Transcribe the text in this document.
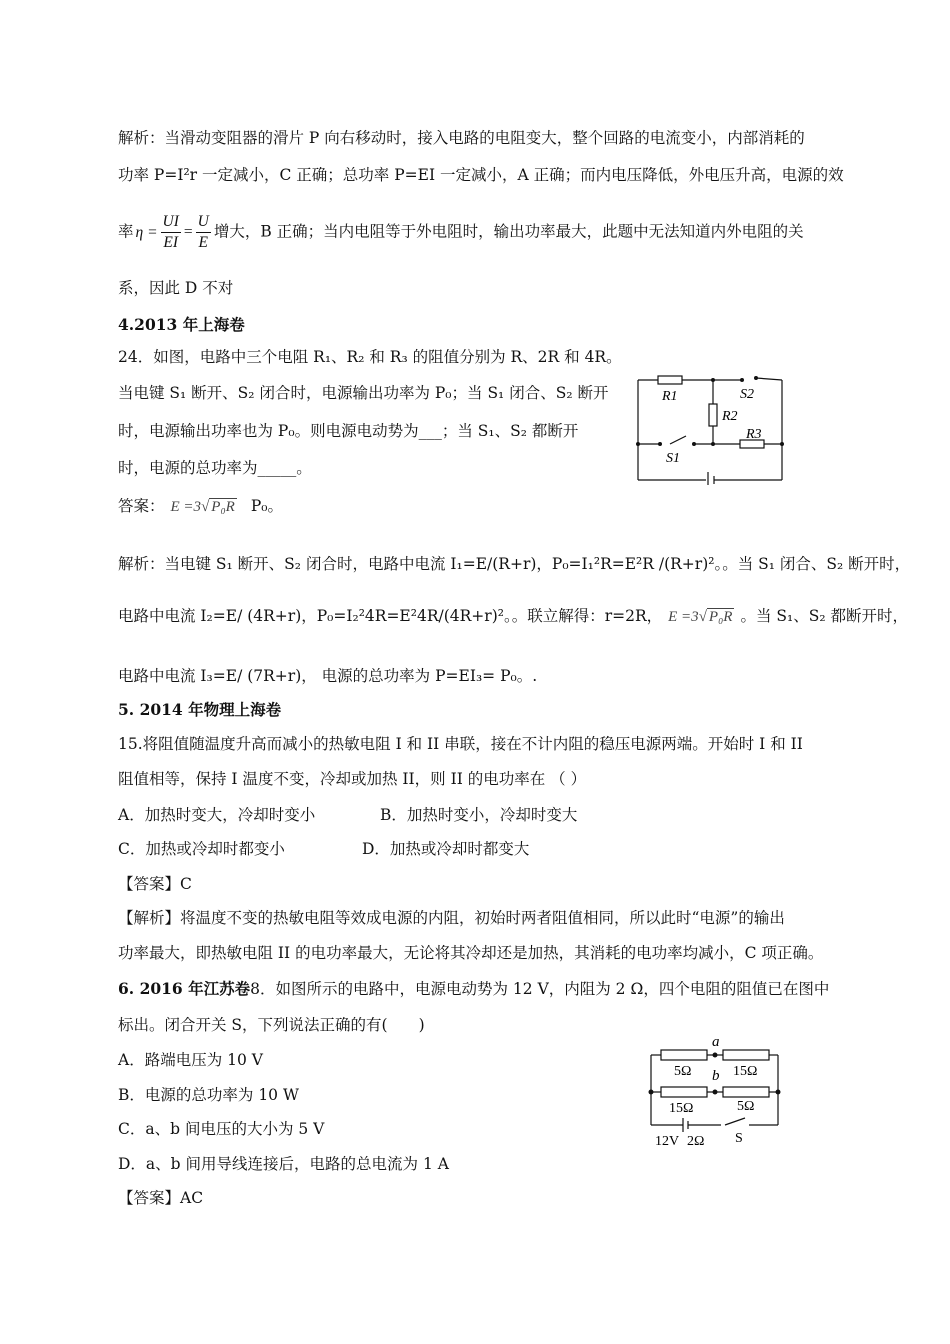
解析：当滑动变阻器的滑片 P 向右移动时，接入电路的电阻变大，整个回路的电流变小，内部消耗的
功率 P=I²r 一定减小，C 正确；总功率 P=EI 一定减小，A 正确；而内电压降低，外电压升高，电源的效
率 $\eta = \frac{UI}{EI} = \frac{U}{E}$ 增大，B 正确；当内电阻等于外电阻时，输出功率最大，此题中无法知道内外电阻的关
系，因此 D 不对
4.2013 年上海卷
24．如图，电路中三个电阻 R₁、R₂ 和 R₃ 的阻值分别为 R、2R 和 4R。
当电键 S₁ 断开、S₂ 闭合时，电源输出功率为 P₀；当 S₁ 闭合、S₂ 断开
时，电源输出功率也为 P₀。则电源电动势为___；当 S₁、S₂ 都断开
时，电源的总功率为_____。
答案： E =3√ P₀R P₀。
解析：当电键 S₁ 断开、S₂ 闭合时，电路中电流 I₁=E/(R+r)，P₀=I₁²R=E²R /(R+r)²。。当 S₁ 闭合、S₂ 断开时，
电路中电流 I₂=E/ (4R+r)，P₀=I₂²4R=E²4R/(4R+r)²。。联立解得：r=2R， E =3√ P₀R 。当 S₁、S₂ 都断开时，
电路中电流 I₃=E/ (7R+r)， 电源的总功率为 P=EI₃= P₀。.
R1
R2
R3
S1
S2
5. 2014 年物理上海卷
15.将阻值随温度升高而减小的热敏电阻 I 和 II 串联，接在不计内阻的稳压电源两端。开始时 I 和 II
阻值相等，保持 I 温度不变，冷却或加热 II，则 II 的电功率在 （ ）
A．加热时变大，冷却时变小	B．加热时变小，冷却时变大
C．加热或冷却时都变小	D．加热或冷却时都变大
【答案】C
【解析】将温度不变的热敏电阻等效成电源的内阻，初始时两者阻值相同，所以此时“电源”的输出
功率最大，即热敏电阻 II 的电功率最大，无论将其冷却还是加热，其消耗的电功率均减小，C 项正确。
6. 2016 年江苏卷8．如图所示的电路中，电源电动势为 12 V，内阻为 2 Ω，四个电阻的阻值已在图中
标出。闭合开关 S，下列说法正确的有(　　)
A．路端电压为 10 V
B．电源的总功率为 10 W
C．a、b 间电压的大小为 5 V
D．a、b 间用导线连接后，电路的总电流为 1 A
【答案】AC
a
b
5Ω	15Ω
15Ω	5Ω
12V 2Ω S
